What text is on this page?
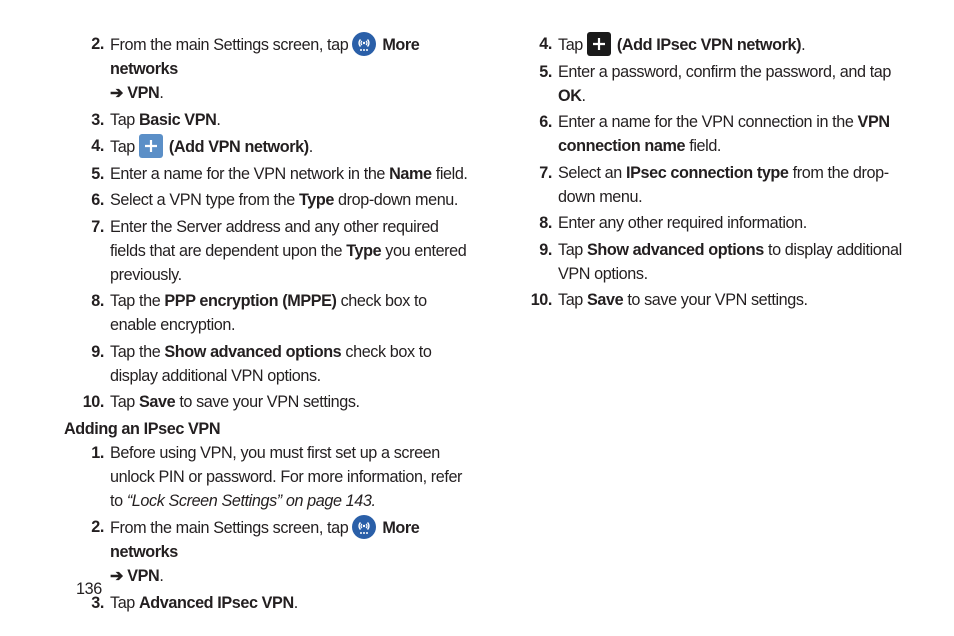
2. From the main Settings screen, tap More networks
➔ VPN.
3. Tap Basic VPN.
4. Tap (Add VPN network).
5. Enter a name for the VPN network in the Name field.
6. Select a VPN type from the Type drop-down menu.
7. Enter the Server address and any other required fields that are dependent upon the Type you entered previously.
8. Tap the PPP encryption (MPPE) check box to enable encryption.
9. Tap the Show advanced options check box to display additional VPN options.
10. Tap Save to save your VPN settings.
Adding an IPsec VPN
1. Before using VPN, you must first set up a screen unlock PIN or password. For more information, refer to “Lock Screen Settings” on page 143.
2. From the main Settings screen, tap More networks
➔ VPN.
3. Tap Advanced IPsec VPN.
4. Tap (Add IPsec VPN network).
5. Enter a password, confirm the password, and tap OK.
6. Enter a name for the VPN connection in the VPN connection name field.
7. Select an IPsec connection type from the drop-down menu.
8. Enter any other required information.
9. Tap Show advanced options to display additional VPN options.
10. Tap Save to save your VPN settings.
136
